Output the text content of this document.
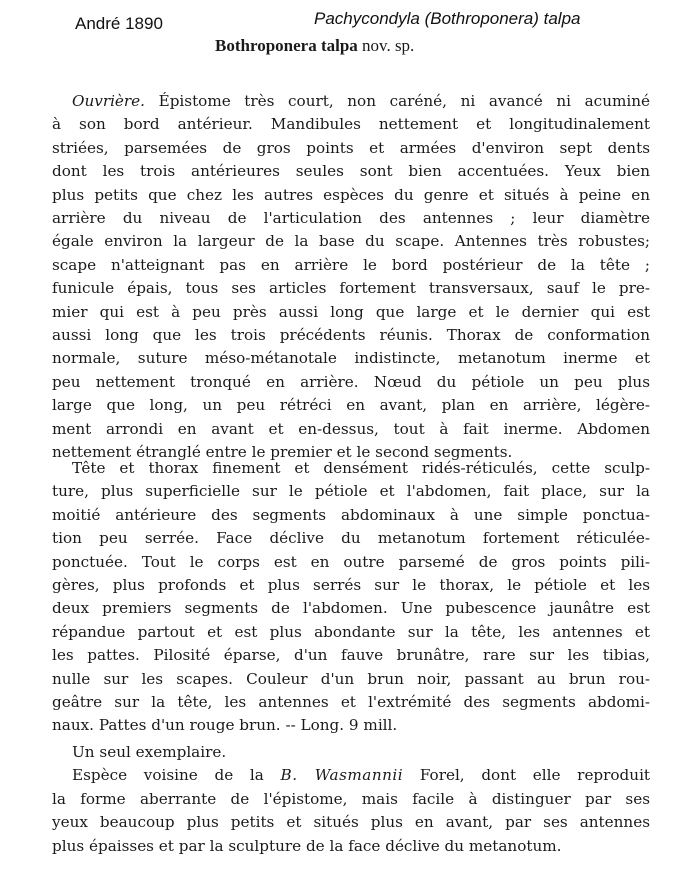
André 1890	Pachycondyla (Bothroponera) talpa
Bothroponera talpa nov. sp.

Ouvrière. Épistome très court, non caréné, ni avancé ni acuminé
à son bord antérieur. Mandibules nettement et longitudinalement
striées, parsemées de gros points et armées d'environ sept dents
dont les trois antérieures seules sont bien accentuées. Yeux bien
plus petits que chez les autres espèces du genre et situés à peine en
arrière du niveau de l'articulation des antennes ; leur diamètre
égale environ la largeur de la base du scape. Antennes très robustes;
scape n'atteignant pas en arrière le bord postérieur de la tête ;
funicule épais, tous ses articles fortement transversaux, sauf le pre-
mier qui est à peu près aussi long que large et le dernier qui est
aussi long que les trois précédents réunis. Thorax de conformation
normale, suture méso-métanotale indistincte, metanotum inerme et
peu nettement tronqué en arrière. Nœud du pétiole un peu plus
large que long, un peu rétréci en avant, plan en arrière, légère-
ment arrondi en avant et en-dessus, tout à fait inerme. Abdomen
nettement étranglé entre le premier et le second segments.

Tête et thorax finement et densément ridés-réticulés, cette sculp-
ture, plus superficielle sur le pétiole et l'abdomen, fait place, sur la
moitié antérieure des segments abdominaux à une simple ponctua-
tion peu serrée. Face déclive du metanotum fortement réticulée-
ponctuée. Tout le corps est en outre parsemé de gros points pili-
gères, plus profonds et plus serrés sur le thorax, le pétiole et les
deux premiers segments de l'abdomen. Une pubescence jaunâtre est
répandue partout et est plus abondante sur la tête, les antennes et
les pattes. Pilosité éparse, d'un fauve brunâtre, rare sur les tibias,
nulle sur les scapes. Couleur d'un brun noir, passant au brun rou-
geâtre sur la tête, les antennes et l'extrémité des segments abdomi-
naux. Pattes d'un rouge brun. -- Long. 9 mill.

Un seul exemplaire.
Espèce voisine de la B. Wasmannii Forel, dont elle reproduit
la forme aberrante de l'épistome, mais facile à distinguer par ses
yeux beaucoup plus petits et situés plus en avant, par ses antennes
plus épaisses et par la sculpture de la face déclive du metanotum.
